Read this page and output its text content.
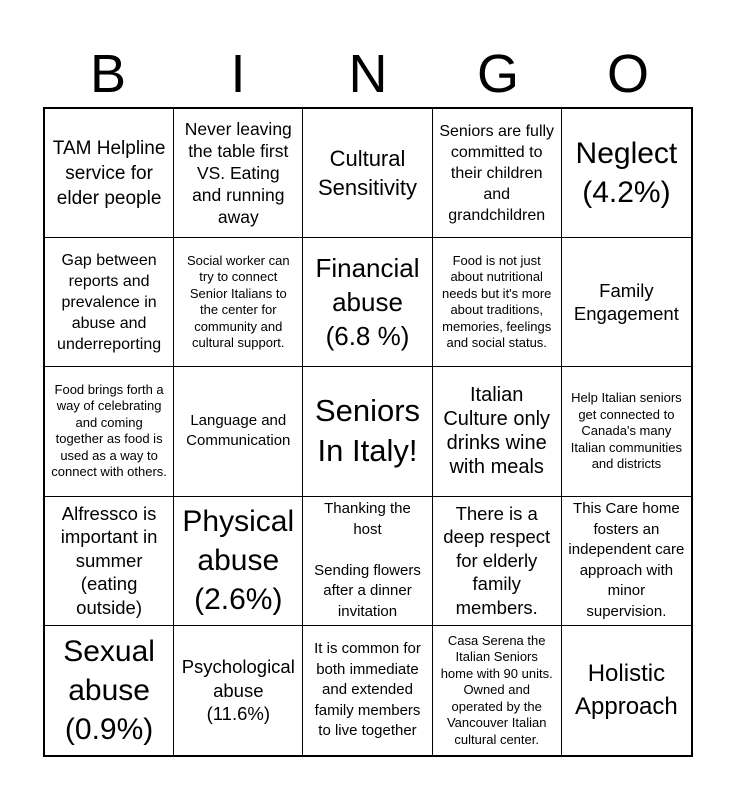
B	I	N	G	O
TAM Helpline service for elder people
Never leaving the table first VS. Eating and running away
Cultural Sensitivity
Seniors are fully committed to their children and grandchildren
Neglect (4.2%)
Gap between reports and prevalence in abuse and underreporting
Social worker can try to connect Senior Italians to the center for community and cultural support.
Financial abuse (6.8 %)
Food is not just about nutritional needs but it's more about traditions, memories, feelings and social status.
Family Engagement
Food brings forth a way of celebrating and coming together as food is used as a way to connect with others.
Language and Communication
Seniors In Italy!
Italian Culture only drinks wine with meals
Help Italian seniors get connected to Canada's many Italian communities and districts
Alfressco is important in summer (eating outside)
Physical abuse (2.6%)
Thanking the host

Sending flowers after a dinner invitation
There is a deep respect for elderly family members.
This Care home fosters an independent care approach with minor supervision.
Sexual abuse (0.9%)
Psychological abuse (11.6%)
It is common for both immediate and extended family members to live together
Casa Serena the Italian Seniors home with 90 units. Owned and operated by the Vancouver Italian cultural center.
Holistic Approach
